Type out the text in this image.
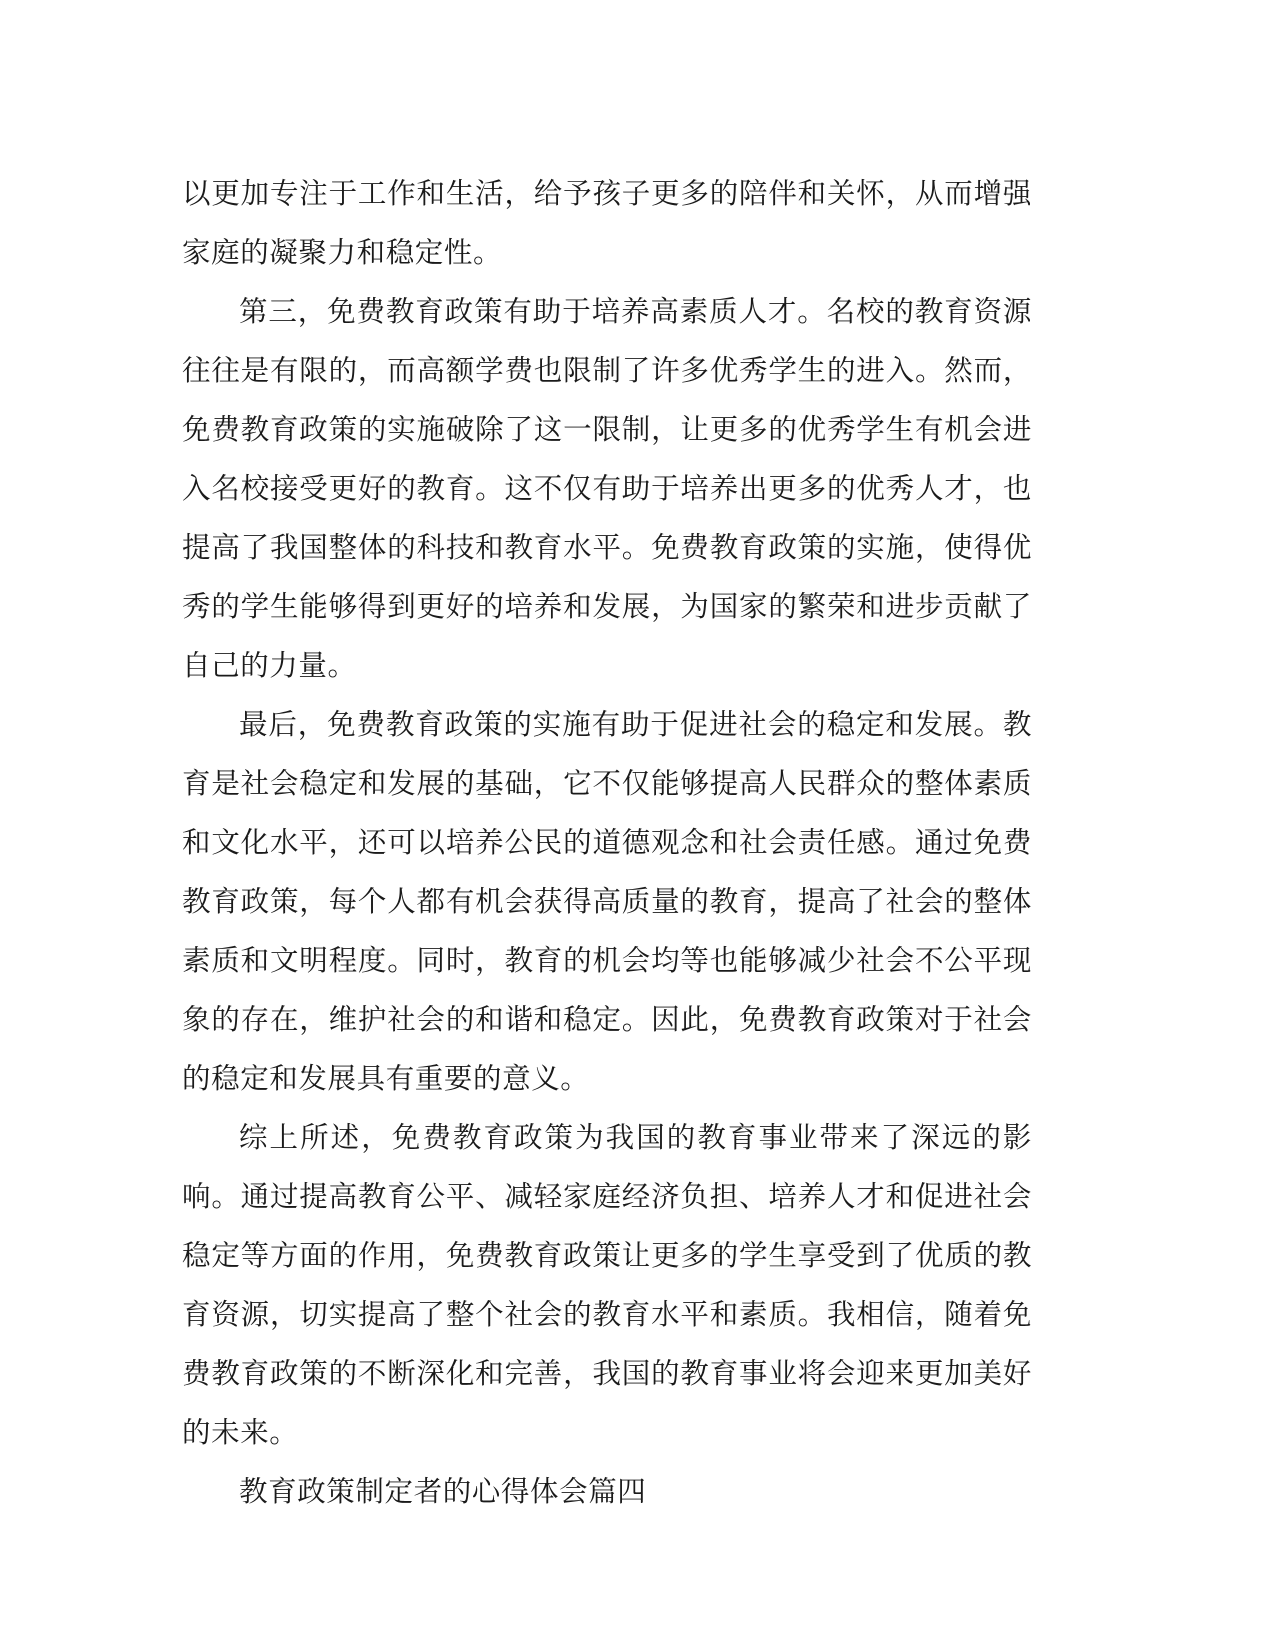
以更加专注于工作和生活，给予孩子更多的陪伴和关怀，从而增强家庭的凝聚力和稳定性。

第三，免费教育政策有助于培养高素质人才。名校的教育资源往往是有限的，而高额学费也限制了许多优秀学生的进入。然而，免费教育政策的实施破除了这一限制，让更多的优秀学生有机会进入名校接受更好的教育。这不仅有助于培养出更多的优秀人才，也提高了我国整体的科技和教育水平。免费教育政策的实施，使得优秀的学生能够得到更好的培养和发展，为国家的繁荣和进步贡献了自己的力量。

最后，免费教育政策的实施有助于促进社会的稳定和发展。教育是社会稳定和发展的基础，它不仅能够提高人民群众的整体素质和文化水平，还可以培养公民的道德观念和社会责任感。通过免费教育政策，每个人都有机会获得高质量的教育，提高了社会的整体素质和文明程度。同时，教育的机会均等也能够减少社会不公平现象的存在，维护社会的和谐和稳定。因此，免费教育政策对于社会的稳定和发展具有重要的意义。

综上所述，免费教育政策为我国的教育事业带来了深远的影响。通过提高教育公平、减轻家庭经济负担、培养人才和促进社会稳定等方面的作用，免费教育政策让更多的学生享受到了优质的教育资源，切实提高了整个社会的教育水平和素质。我相信，随着免费教育政策的不断深化和完善，我国的教育事业将会迎来更加美好的未来。

教育政策制定者的心得体会篇四
